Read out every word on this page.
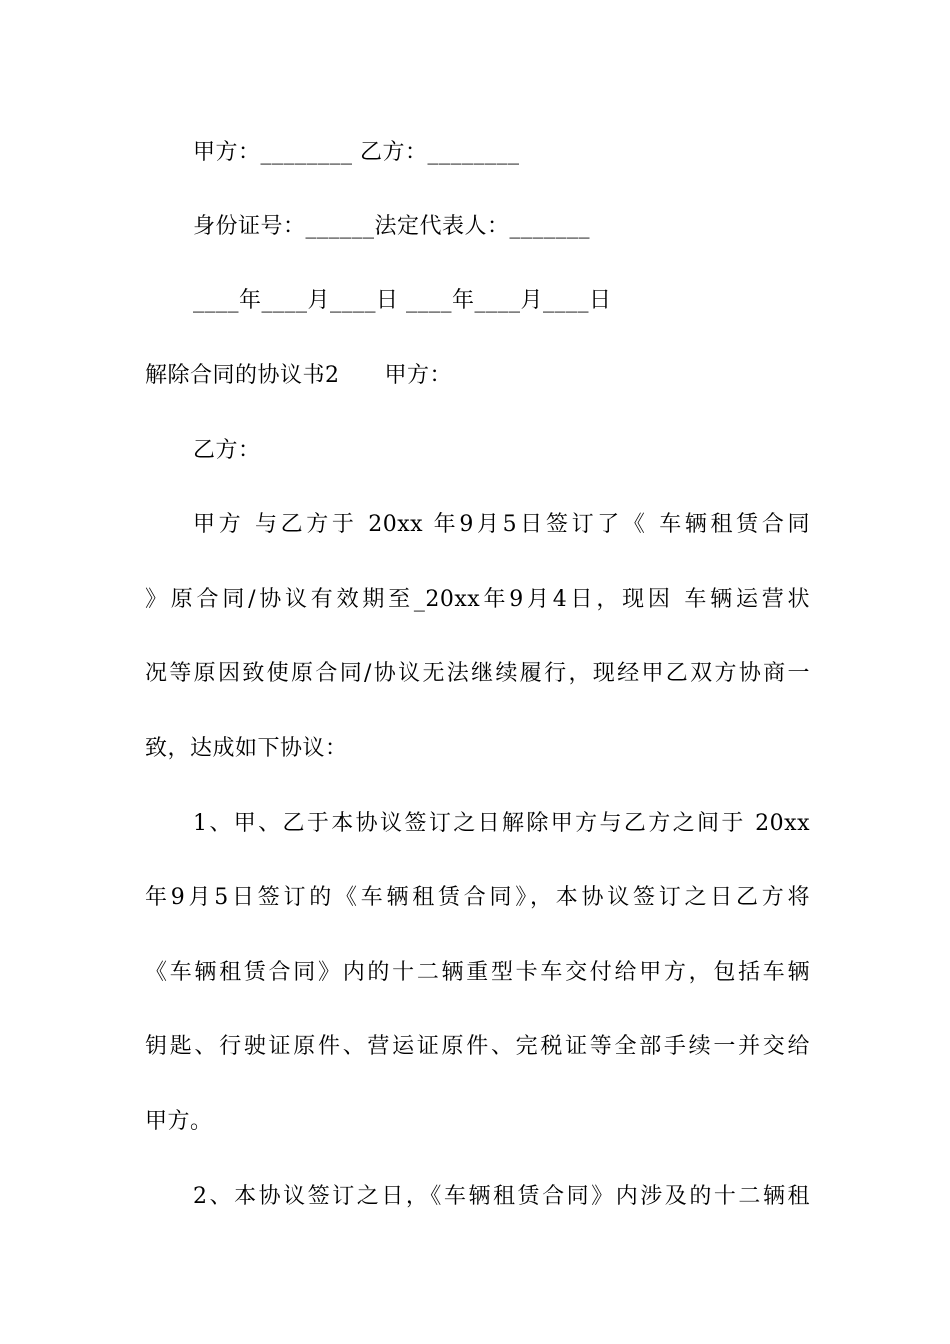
甲方：________ 乙方：________
身份证号：______法定代表人：_______
____年____月____日 ____年____月____日
解除合同的协议书2　　甲方：
乙方：
甲方 与乙方于 20xx 年9月5日签订了《 车辆租赁合同
》原合同/协议有效期至_20xx年9月4日，现因 车辆运营状
况等原因致使原合同/协议无法继续履行，现经甲乙双方协商一
致，达成如下协议：
1、甲、乙于本协议签订之日解除甲方与乙方之间于 20xx
年9月5日签订的《车辆租赁合同》，本协议签订之日乙方将
《车辆租赁合同》内的十二辆重型卡车交付给甲方，包括车辆
钥匙、行驶证原件、营运证原件、完税证等全部手续一并交给
甲方。
2、本协议签订之日，《车辆租赁合同》内涉及的十二辆租
